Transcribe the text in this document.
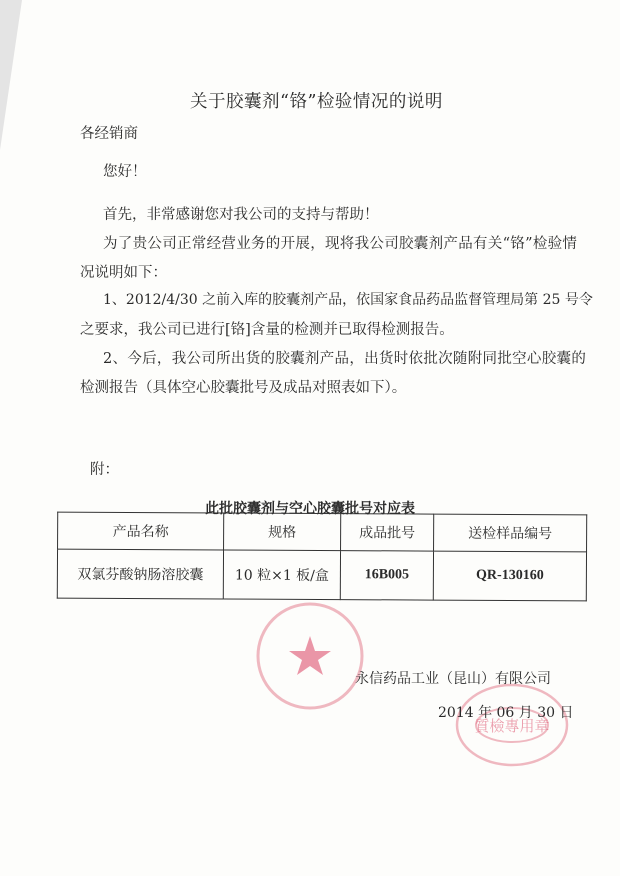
关于胶囊剂“铬”检验情况的说明
各经销商
您好！
首先，非常感谢您对我公司的支持与帮助！
为了贵公司正常经营业务的开展，现将我公司胶囊剂产品有关“铬”检验情
况说明如下：
1、2012/4/30 之前入库的胶囊剂产品，依国家食品药品监督管理局第 25 号令
之要求，我公司已进行[铬]含量的检测并已取得检测报告。
2、今后，我公司所出货的胶囊剂产品，出货时依批次随附同批空心胶囊的
检测报告（具体空心胶囊批号及成品对照表如下）。
附：
此批胶囊剂与空心胶囊批号对应表
产品名称	规格	成品批号	送检样品编号
双氯芬酸钠肠溶胶囊	10 粒×1 板/盒	16B005	QR-130160
質檢專用章
永信药品工业（昆山）有限公司
2014 年 06 月 30 日
